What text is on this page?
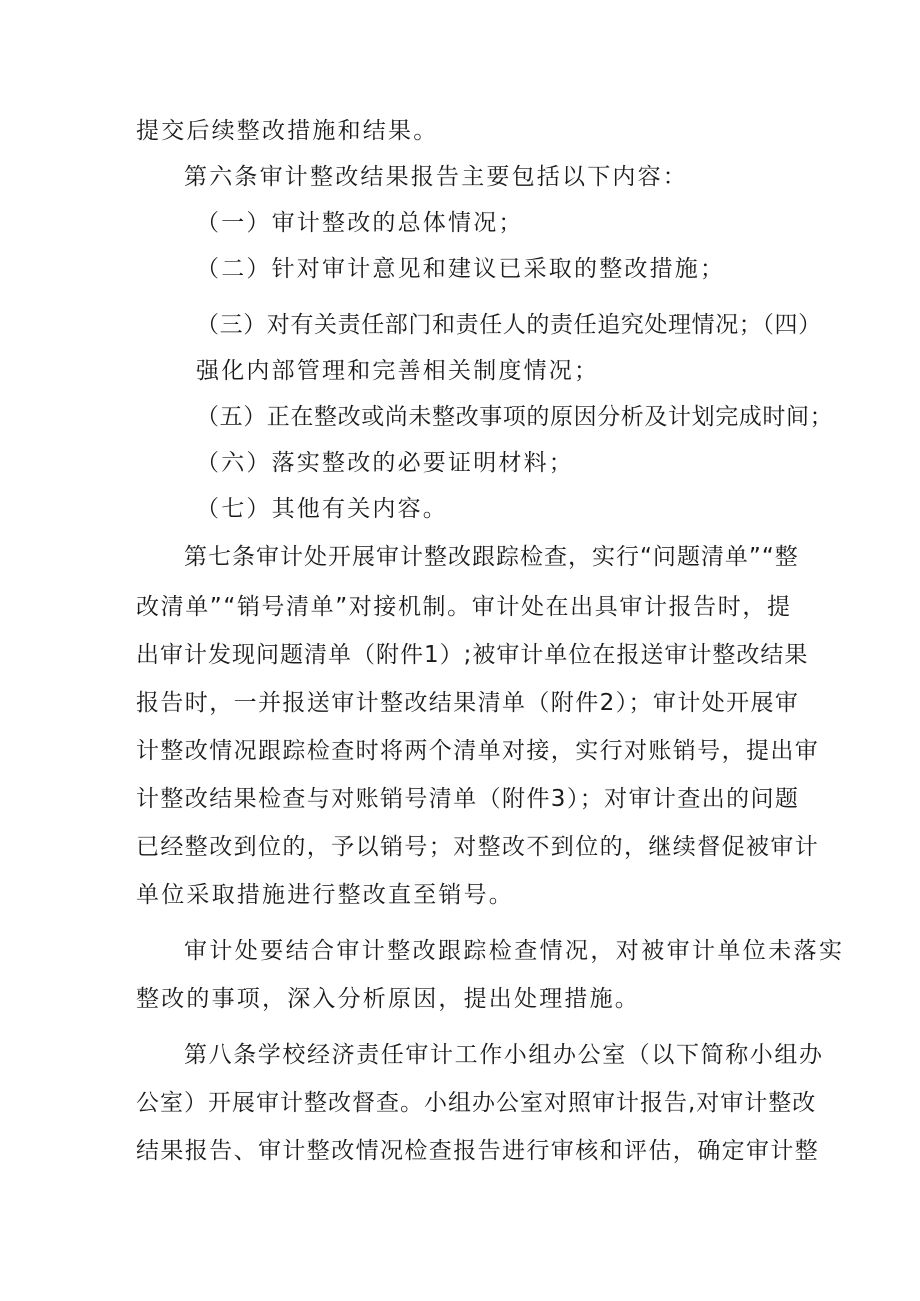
提交后续整改措施和结果。
第六条审计整改结果报告主要包括以下内容：
（一）审计整改的总体情况；
（二）针对审计意见和建议已采取的整改措施；
（三）对有关责任部门和责任人的责任追究处理情况；（四）
强化内部管理和完善相关制度情况；
（五）正在整改或尚未整改事项的原因分析及计划完成时间；
（六）落实整改的必要证明材料；
（七）其他有关内容。
第七条审计处开展审计整改跟踪检查，实行“问题清单”“整
改清单”“销号清单”对接机制。审计处在出具审计报告时，提
出审计发现问题清单（附件1）;被审计单位在报送审计整改结果
报告时，一并报送审计整改结果清单（附件2）；审计处开展审
计整改情况跟踪检查时将两个清单对接，实行对账销号，提出审
计整改结果检查与对账销号清单（附件3）；对审计查出的问题
已经整改到位的，予以销号；对整改不到位的，继续督促被审计
单位采取措施进行整改直至销号。
审计处要结合审计整改跟踪检查情况，对被审计单位未落实
整改的事项，深入分析原因，提出处理措施。
第八条学校经济责任审计工作小组办公室（以下简称小组办
公室）开展审计整改督查。小组办公室对照审计报告,对审计整改
结果报告、审计整改情况检查报告进行审核和评估，确定审计整
